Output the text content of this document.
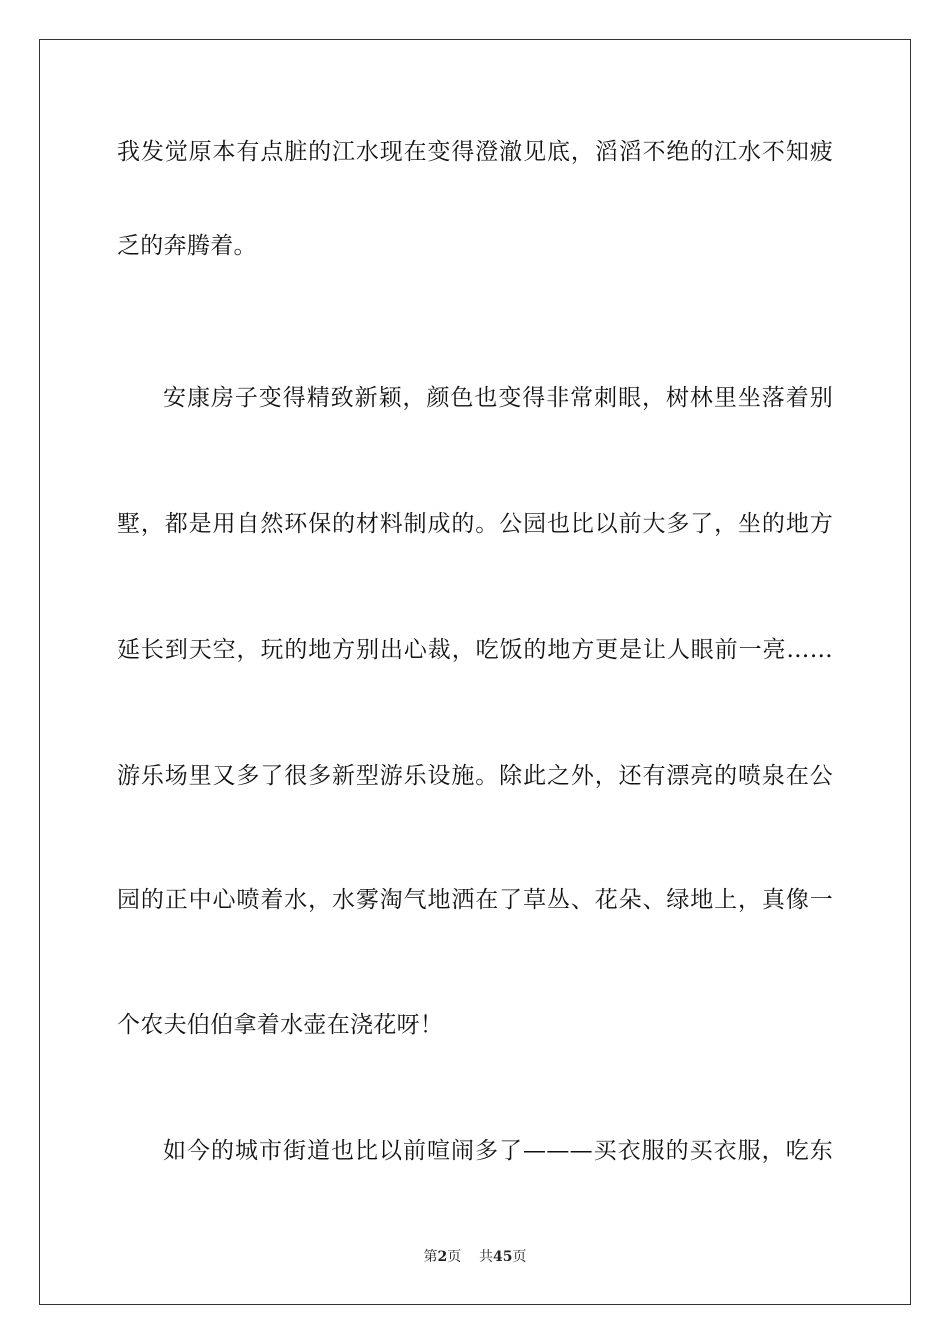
我发觉原本有点脏的江水现在变得澄澈见底，滔滔不绝的江水不知疲
乏的奔腾着。
安康房子变得精致新颖，颜色也变得非常刺眼，树林里坐落着别
墅，都是用自然环保的材料制成的。公园也比以前大多了，坐的地方
延长到天空，玩的地方别出心裁，吃饭的地方更是让人眼前一亮……
游乐场里又多了很多新型游乐设施。除此之外，还有漂亮的喷泉在公
园的正中心喷着水，水雾淘气地洒在了草丛、花朵、绿地上，真像一
个农夫伯伯拿着水壶在浇花呀！
如今的城市街道也比以前喧闹多了———买衣服的买衣服，吃东
第2页 共45页
